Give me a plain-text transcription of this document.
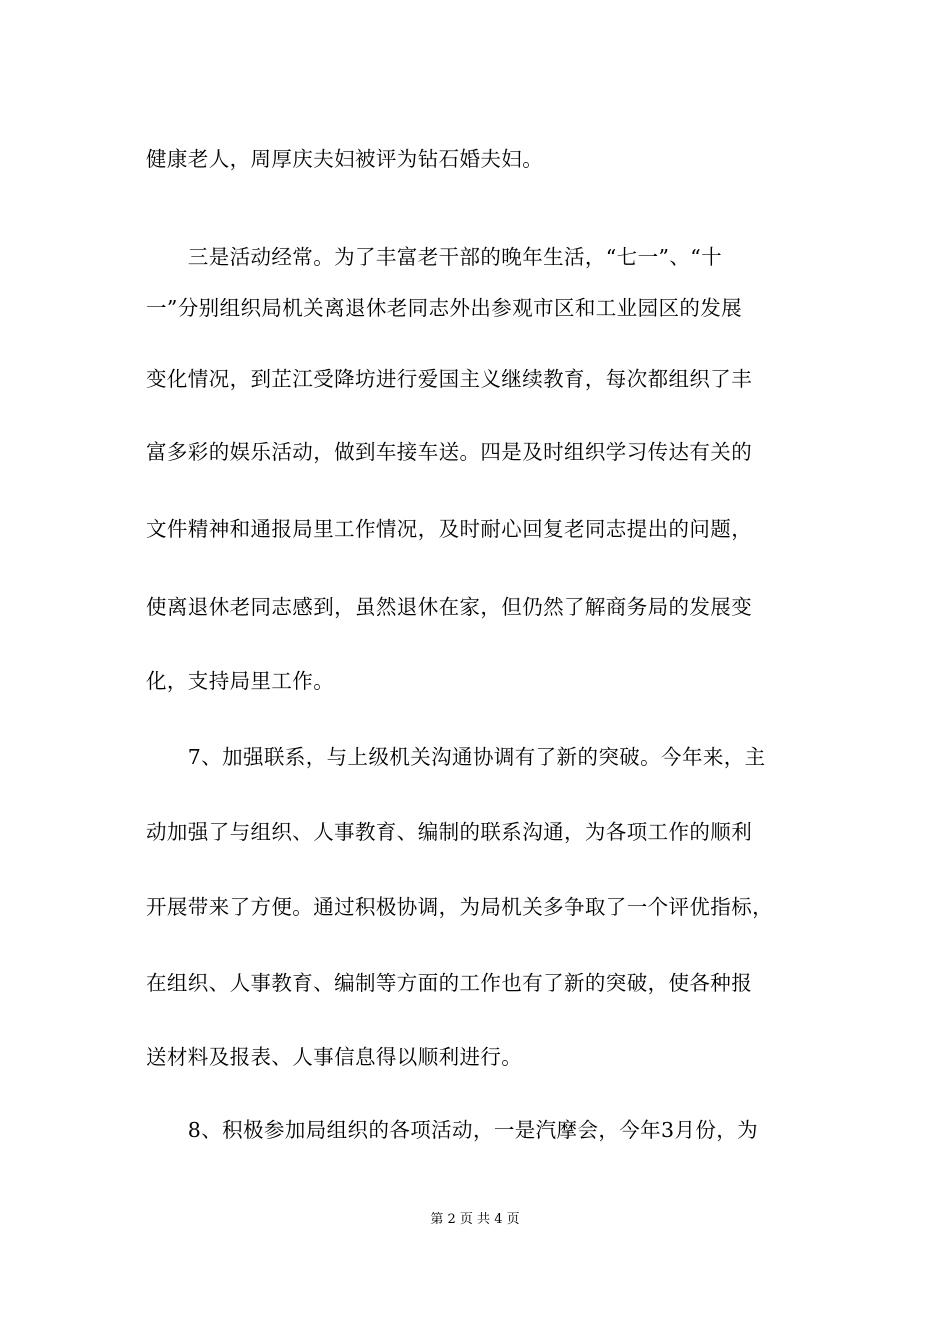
健康老人，周厚庆夫妇被评为钻石婚夫妇。
　　三是活动经常。为了丰富老干部的晚年生活，“七一”、“十
一”分别组织局机关离退休老同志外出参观市区和工业园区的发展
变化情况，到芷江受降坊进行爱国主义继续教育，每次都组织了丰
富多彩的娱乐活动，做到车接车送。四是及时组织学习传达有关的
文件精神和通报局里工作情况，及时耐心回复老同志提出的问题，
使离退休老同志感到，虽然退休在家，但仍然了解商务局的发展变
化，支持局里工作。
　　7、加强联系，与上级机关沟通协调有了新的突破。今年来，主
动加强了与组织、人事教育、编制的联系沟通，为各项工作的顺利
开展带来了方便。通过积极协调，为局机关多争取了一个评优指标，
在组织、人事教育、编制等方面的工作也有了新的突破，使各种报
送材料及报表、人事信息得以顺利进行。
　　8、积极参加局组织的各项活动，一是汽摩会，今年3月份，为
第 2 页 共 4 页
